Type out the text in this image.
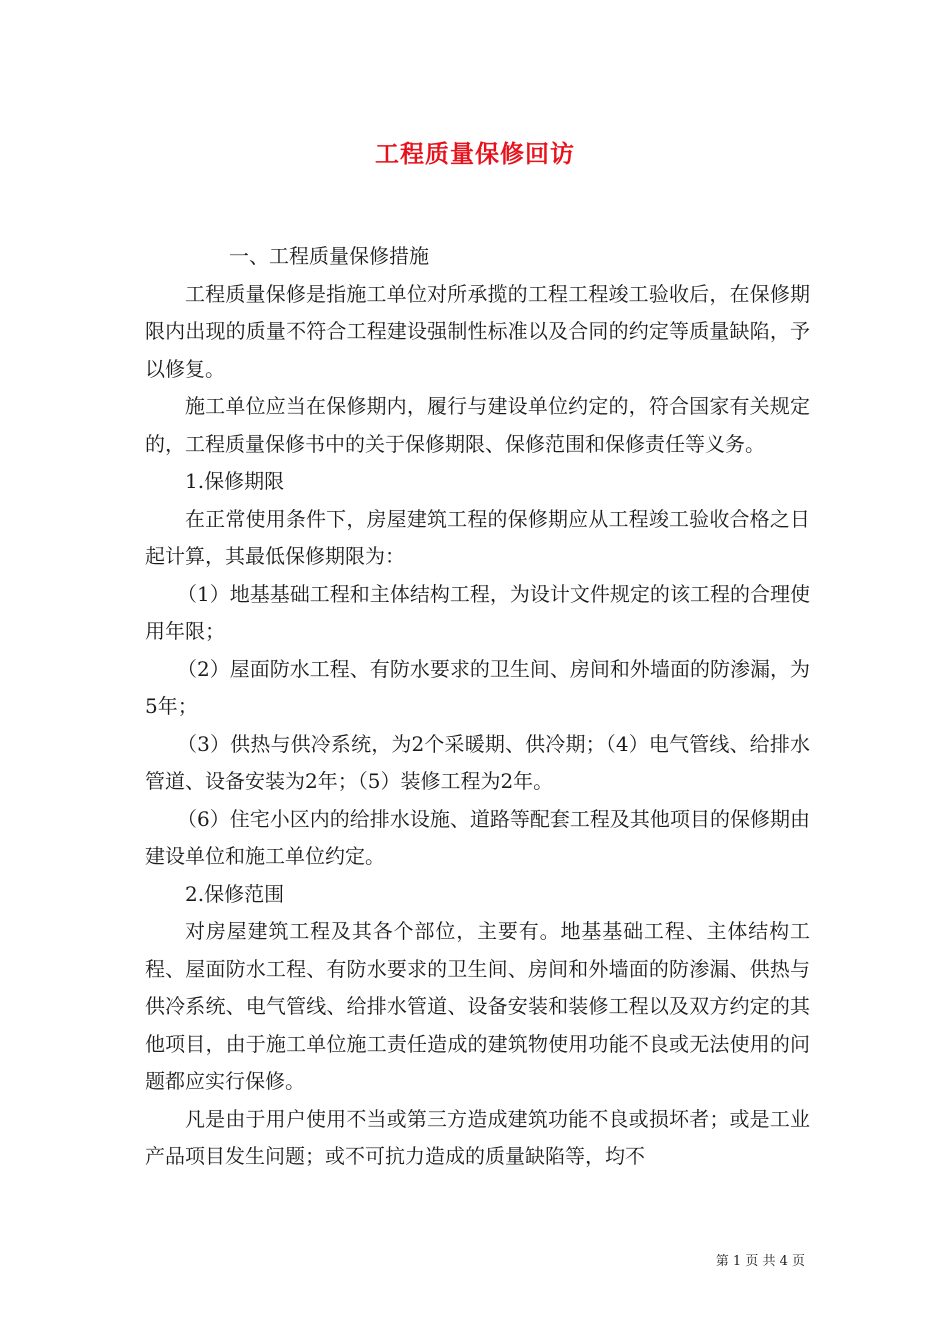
工程质量保修回访

一、工程质量保修措施

工程质量保修是指施工单位对所承揽的工程工程竣工验收后，在保修期限内出现的质量不符合工程建设强制性标准以及合同的约定等质量缺陷，予以修复。

施工单位应当在保修期内，履行与建设单位约定的，符合国家有关规定的，工程质量保修书中的关于保修期限、保修范围和保修责任等义务。

1.保修期限

在正常使用条件下，房屋建筑工程的保修期应从工程竣工验收合格之日起计算，其最低保修期限为：

（1）地基基础工程和主体结构工程，为设计文件规定的该工程的合理使用年限；

（2）屋面防水工程、有防水要求的卫生间、房间和外墙面的防渗漏，为5年；

（3）供热与供冷系统，为2个采暖期、供冷期；（4）电气管线、给排水管道、设备安装为2年；（5）装修工程为2年。

（6）住宅小区内的给排水设施、道路等配套工程及其他项目的保修期由建设单位和施工单位约定。

2.保修范围

对房屋建筑工程及其各个部位，主要有。地基基础工程、主体结构工程、屋面防水工程、有防水要求的卫生间、房间和外墙面的防渗漏、供热与供冷系统、电气管线、给排水管道、设备安装和装修工程以及双方约定的其他项目，由于施工单位施工责任造成的建筑物使用功能不良或无法使用的问题都应实行保修。

凡是由于用户使用不当或第三方造成建筑功能不良或损坏者；或是工业产品项目发生问题；或不可抗力造成的质量缺陷等，均不

第 1 页 共 4 页
